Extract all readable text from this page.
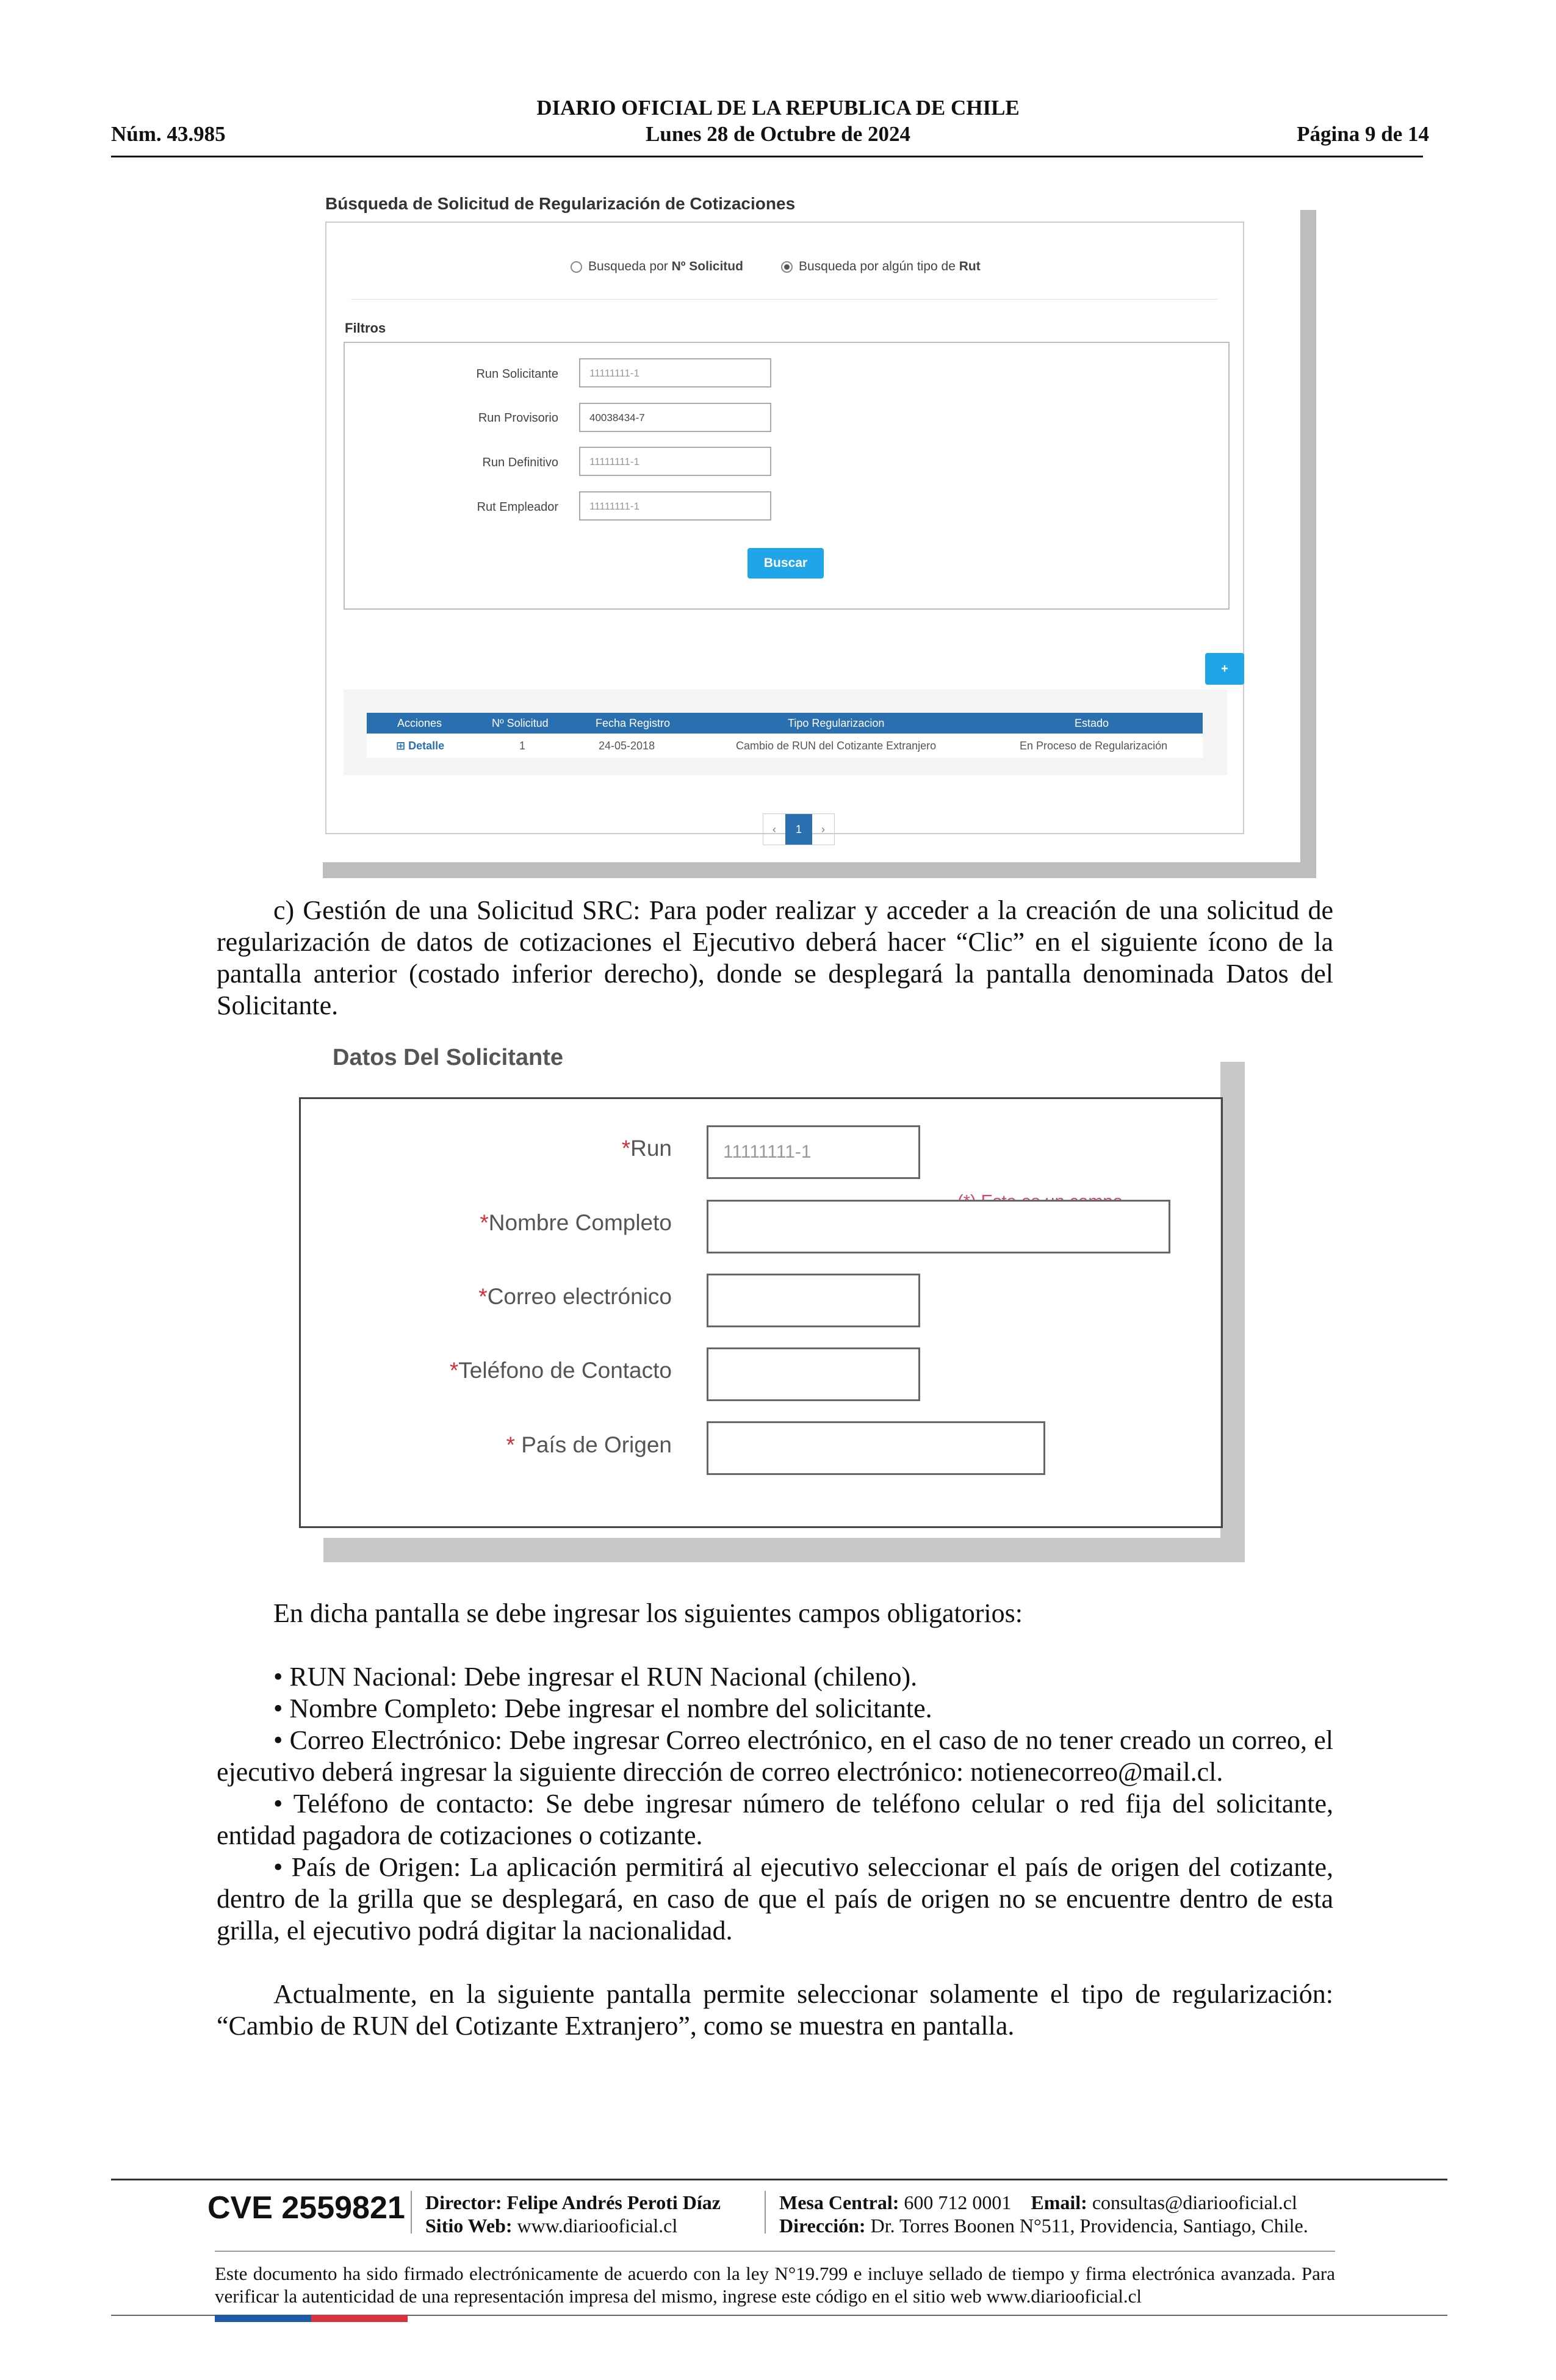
DIARIO OFICIAL DE LA REPUBLICA DE CHILE
Núm. 43.985	Lunes 28 de Octubre de 2024	Página 9 de 14
Búsqueda de Solicitud de Regularización de Cotizaciones
Busqueda por Nº Solicitud	Busqueda por algún tipo de Rut
Filtros
Run Solicitante	11111111-1
Run Provisorio	40038434-7
Run Definitivo	11111111-1
Rut Empleador	11111111-1
Buscar
+
Acciones	Nº Solicitud	Fecha Registro	Tipo Regularizacion	Estado
⊞ Detalle	1	24-05-2018	Cambio de RUN del Cotizante Extranjero	En Proceso de Regularización
‹	1	›

c) Gestión de una Solicitud SRC: Para poder realizar y acceder a la creación de una solicitud de regularización de datos de cotizaciones el Ejecutivo deberá hacer “Clic” en el siguiente ícono de la pantalla anterior (costado inferior derecho), donde se desplegará la pantalla denominada Datos del Solicitante.

Datos Del Solicitante
*Run	11111111-1

*Nombre Completo
*Correo electrónico
*Teléfono de Contacto
* País de Origen

En dicha pantalla se debe ingresar los siguientes campos obligatorios:

• RUN Nacional: Debe ingresar el RUN Nacional (chileno).

• Nombre Completo: Debe ingresar el nombre del solicitante.

• Correo Electrónico: Debe ingresar Correo electrónico, en el caso de no tener creado un correo, el ejecutivo deberá ingresar la siguiente dirección de correo electrónico: notienecorreo@mail.cl.

• Teléfono de contacto: Se debe ingresar número de teléfono celular o red fija del solicitante, entidad pagadora de cotizaciones o cotizante.

• País de Origen: La aplicación permitirá al ejecutivo seleccionar el país de origen del cotizante, dentro de la grilla que se desplegará, en caso de que el país de origen no se encuentre dentro de esta grilla, el ejecutivo podrá digitar la nacionalidad.

Actualmente, en la siguiente pantalla permite seleccionar solamente el tipo de regularización: “Cambio de RUN del Cotizante Extranjero”, como se muestra en pantalla.

CVE 2559821 Director: Felipe Andrés Peroti Díaz
Sitio Web: www.diariooficial.cl
Mesa Central: 600 712 0001 Email: consultas@diariooficial.cl
Dirección: Dr. Torres Boonen N°511, Providencia, Santiago, Chile.
Este documento ha sido firmado electrónicamente de acuerdo con la ley N°19.799 e incluye sellado de tiempo y firma electrónica avanzada. Para verificar la autenticidad de una representación impresa del mismo, ingrese este código en el sitio web www.diariooficial.cl
